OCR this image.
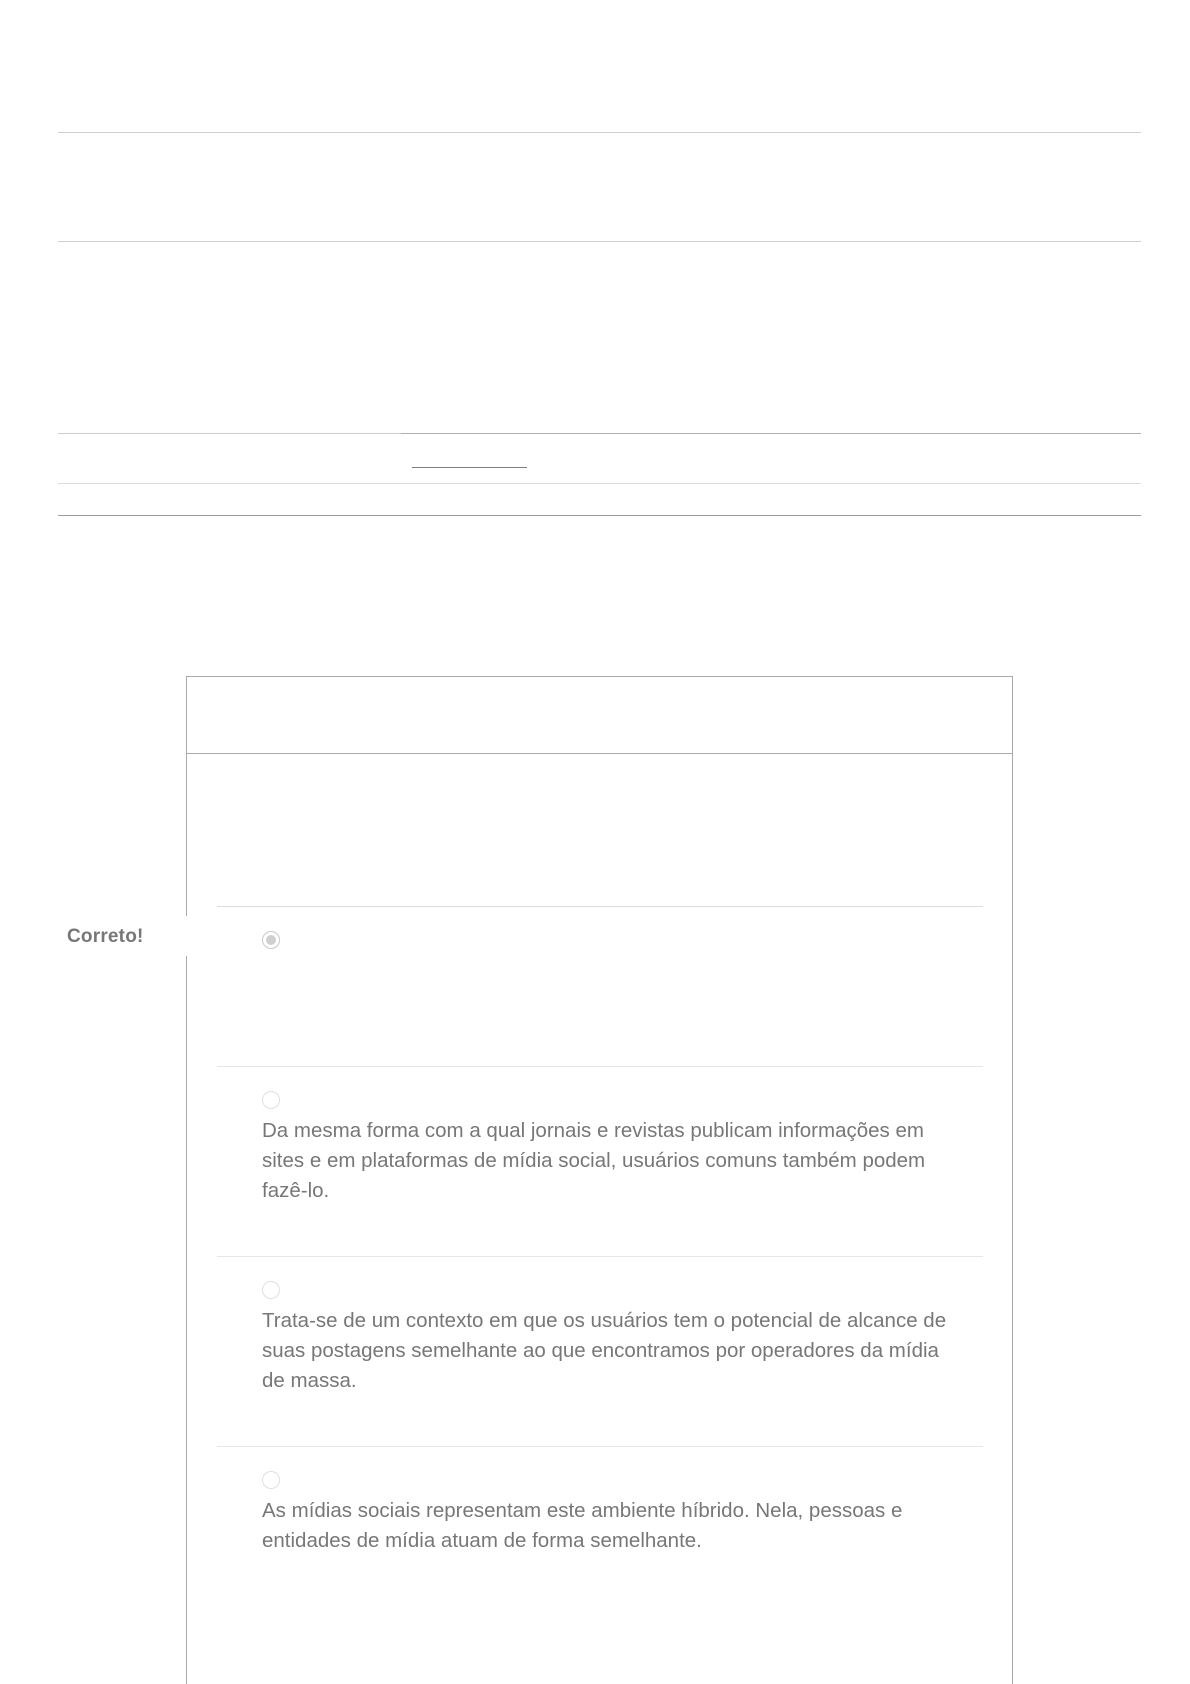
Correto!
Da mesma forma com a qual jornais e revistas publicam informações em sites e em plataformas de mídia social, usuários comuns também podem fazê-lo.
Trata-se de um contexto em que os usuários tem o potencial de alcance de suas postagens semelhante ao que encontramos por operadores da mídia de massa.
As mídias sociais representam este ambiente híbrido. Nela, pessoas e entidades de mídia atuam de forma semelhante.
